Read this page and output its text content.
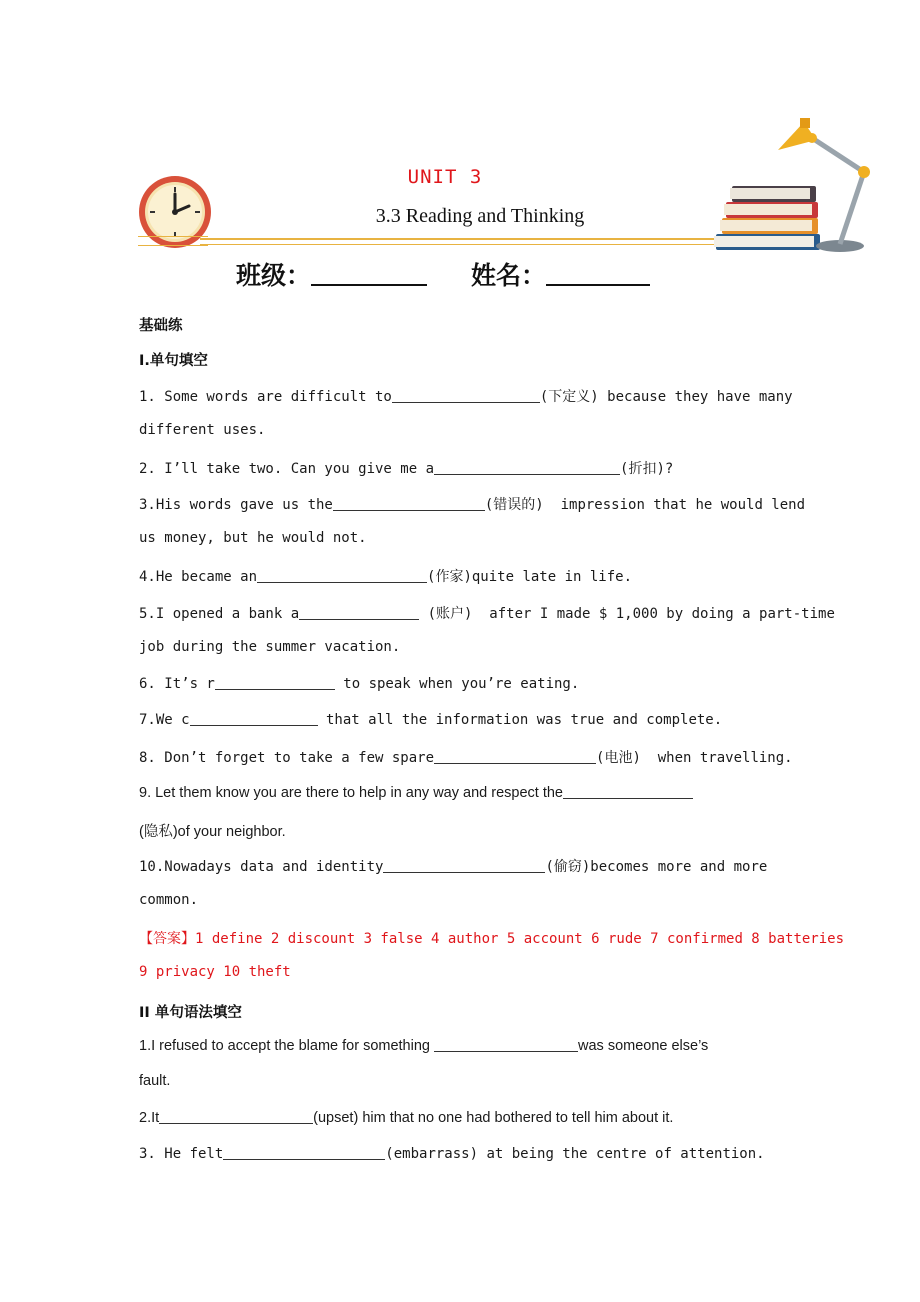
UNIT 3
3.3 Reading and Thinking
班级：	姓名：
基础练
Ⅰ.单句填空
1. Some words are difficult to	(下定义) because they have many
different uses.
2. I’ll take two. Can you give me a	(折扣)?
3.His words gave us the	(错误的)  impression that he would lend
us money, but he would not.
4.He became an	(作家)quite late in life.
5.I opened a bank a	(账户)  after I made $ 1,000 by doing a part-time
job during the summer vacation.
6. It’s r	to speak when you’re eating.
7.We c	that all the information was true and complete.
8. Don’t forget to take a few spare	(电池)  when travelling.
9. Let them know you are there to help in any way and respect the
(隐私)of your neighbor.
10.Nowadays data and identity	(偷窃)becomes more and more
common.
【答案】1 define 2 discount 3 false 4 author 5 account 6 rude 7 confirmed 8 batteries
9 privacy 10 theft
II 单句语法填空
1.I refused to accept the blame for something	was someone else’s
fault.
2.It	(upset) him that no one had bothered to tell him about it.
3. He felt	(embarrass) at being the centre of attention.
